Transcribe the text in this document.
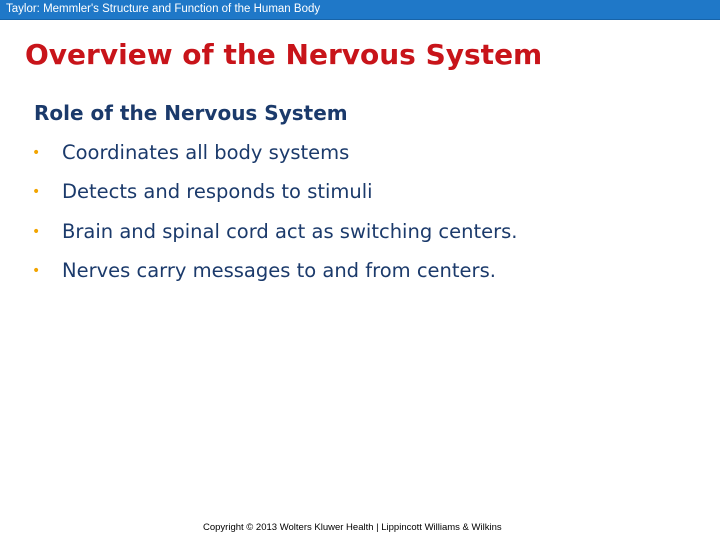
Taylor: Memmler's Structure and Function of the Human Body
Overview of the Nervous System
Role of the Nervous System
•	Coordinates all body systems
•	Detects and responds to stimuli
•	Brain and spinal cord act as switching centers.
•	Nerves carry messages to and from centers.
Copyright © 2013 Wolters Kluwer Health | Lippincott Williams & Wilkins
